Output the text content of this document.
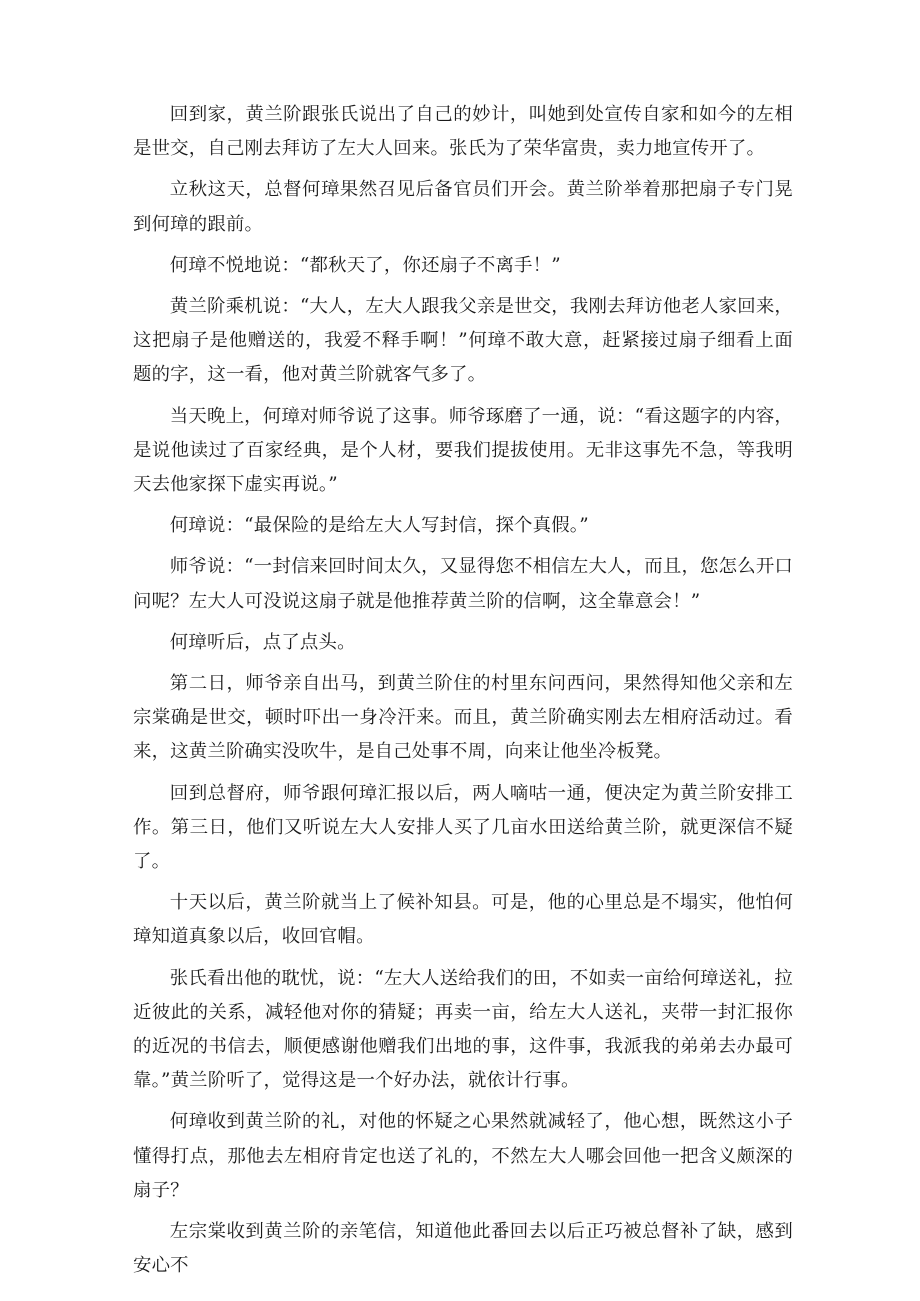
回到家，黄兰阶跟张氏说出了自己的妙计，叫她到处宣传自家和如今的左相是世交，自己刚去拜访了左大人回来。张氏为了荣华富贵，卖力地宣传开了。

立秋这天，总督何璋果然召见后备官员们开会。黄兰阶举着那把扇子专门晃到何璋的跟前。

何璋不悦地说：“都秋天了，你还扇子不离手！”

黄兰阶乘机说：“大人，左大人跟我父亲是世交，我刚去拜访他老人家回来，这把扇子是他赠送的，我爱不释手啊！”何璋不敢大意，赶紧接过扇子细看上面题的字，这一看，他对黄兰阶就客气多了。

当天晚上，何璋对师爷说了这事。师爷琢磨了一通，说：“看这题字的内容，是说他读过了百家经典，是个人材，要我们提拔使用。无非这事先不急，等我明天去他家探下虚实再说。”

何璋说：“最保险的是给左大人写封信，探个真假。”

师爷说：“一封信来回时间太久，又显得您不相信左大人，而且，您怎么开口问呢？左大人可没说这扇子就是他推荐黄兰阶的信啊，这全靠意会！”

何璋听后，点了点头。

第二日，师爷亲自出马，到黄兰阶住的村里东问西问，果然得知他父亲和左宗棠确是世交，顿时吓出一身冷汗来。而且，黄兰阶确实刚去左相府活动过。看来，这黄兰阶确实没吹牛，是自己处事不周，向来让他坐冷板凳。

回到总督府，师爷跟何璋汇报以后，两人嘀咕一通，便决定为黄兰阶安排工作。第三日，他们又听说左大人安排人买了几亩水田送给黄兰阶，就更深信不疑了。

十天以后，黄兰阶就当上了候补知县。可是，他的心里总是不塌实，他怕何璋知道真象以后，收回官帽。

张氏看出他的耽忧，说：“左大人送给我们的田，不如卖一亩给何璋送礼，拉近彼此的关系，减轻他对你的猜疑；再卖一亩，给左大人送礼，夹带一封汇报你的近况的书信去，顺便感谢他赠我们出地的事，这件事，我派我的弟弟去办最可靠。”黄兰阶听了，觉得这是一个好办法，就依计行事。

何璋收到黄兰阶的礼，对他的怀疑之心果然就减轻了，他心想，既然这小子懂得打点，那他去左相府肯定也送了礼的，不然左大人哪会回他一把含义颇深的扇子？

左宗棠收到黄兰阶的亲笔信，知道他此番回去以后正巧被总督补了缺，感到安心不
